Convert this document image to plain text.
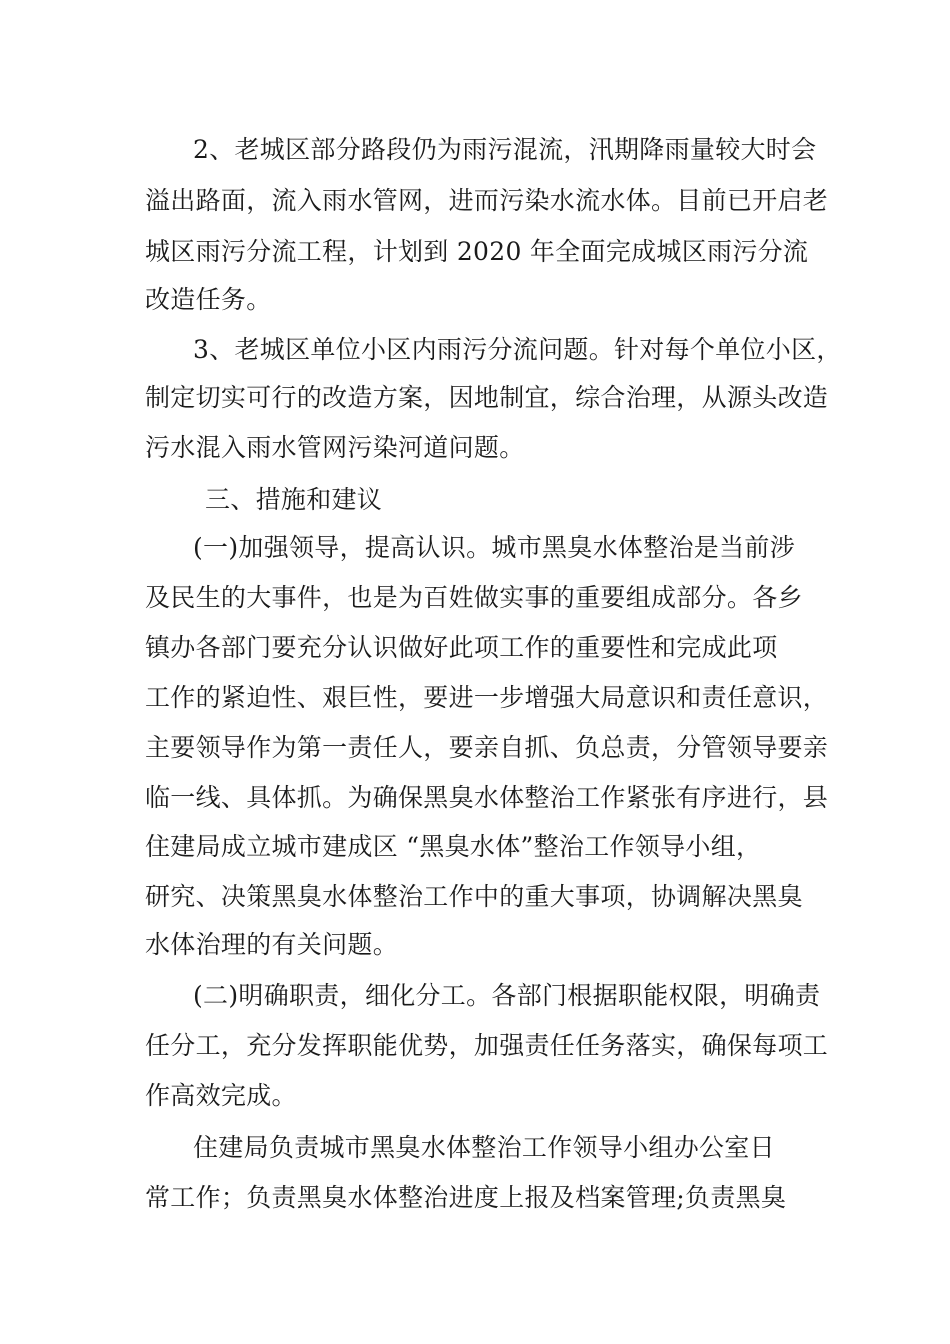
2、老城区部分路段仍为雨污混流，汛期降雨量较大时会
溢出路面，流入雨水管网，进而污染水流水体。目前已开启老
城区雨污分流工程，计划到 2020 年全面完成城区雨污分流
改造任务。
3、老城区单位小区内雨污分流问题。针对每个单位小区，
制定切实可行的改造方案，因地制宜，综合治理，从源头改造
污水混入雨水管网污染河道问题。
三、措施和建议
(一)加强领导，提高认识。城市黑臭水体整治是当前涉
及民生的大事件，也是为百姓做实事的重要组成部分。各乡
镇办各部门要充分认识做好此项工作的重要性和完成此项
工作的紧迫性、艰巨性，要进一步增强大局意识和责任意识，
主要领导作为第一责任人，要亲自抓、负总责，分管领导要亲
临一线、具体抓。为确保黑臭水体整治工作紧张有序进行，县
住建局成立城市建成区 “黑臭水体”整治工作领导小组，
研究、决策黑臭水体整治工作中的重大事项，协调解决黑臭
水体治理的有关问题。
(二)明确职责，细化分工。各部门根据职能权限，明确责
任分工，充分发挥职能优势，加强责任任务落实，确保每项工
作高效完成。
住建局负责城市黑臭水体整治工作领导小组办公室日
常工作；负责黑臭水体整治进度上报及档案管理;负责黑臭
